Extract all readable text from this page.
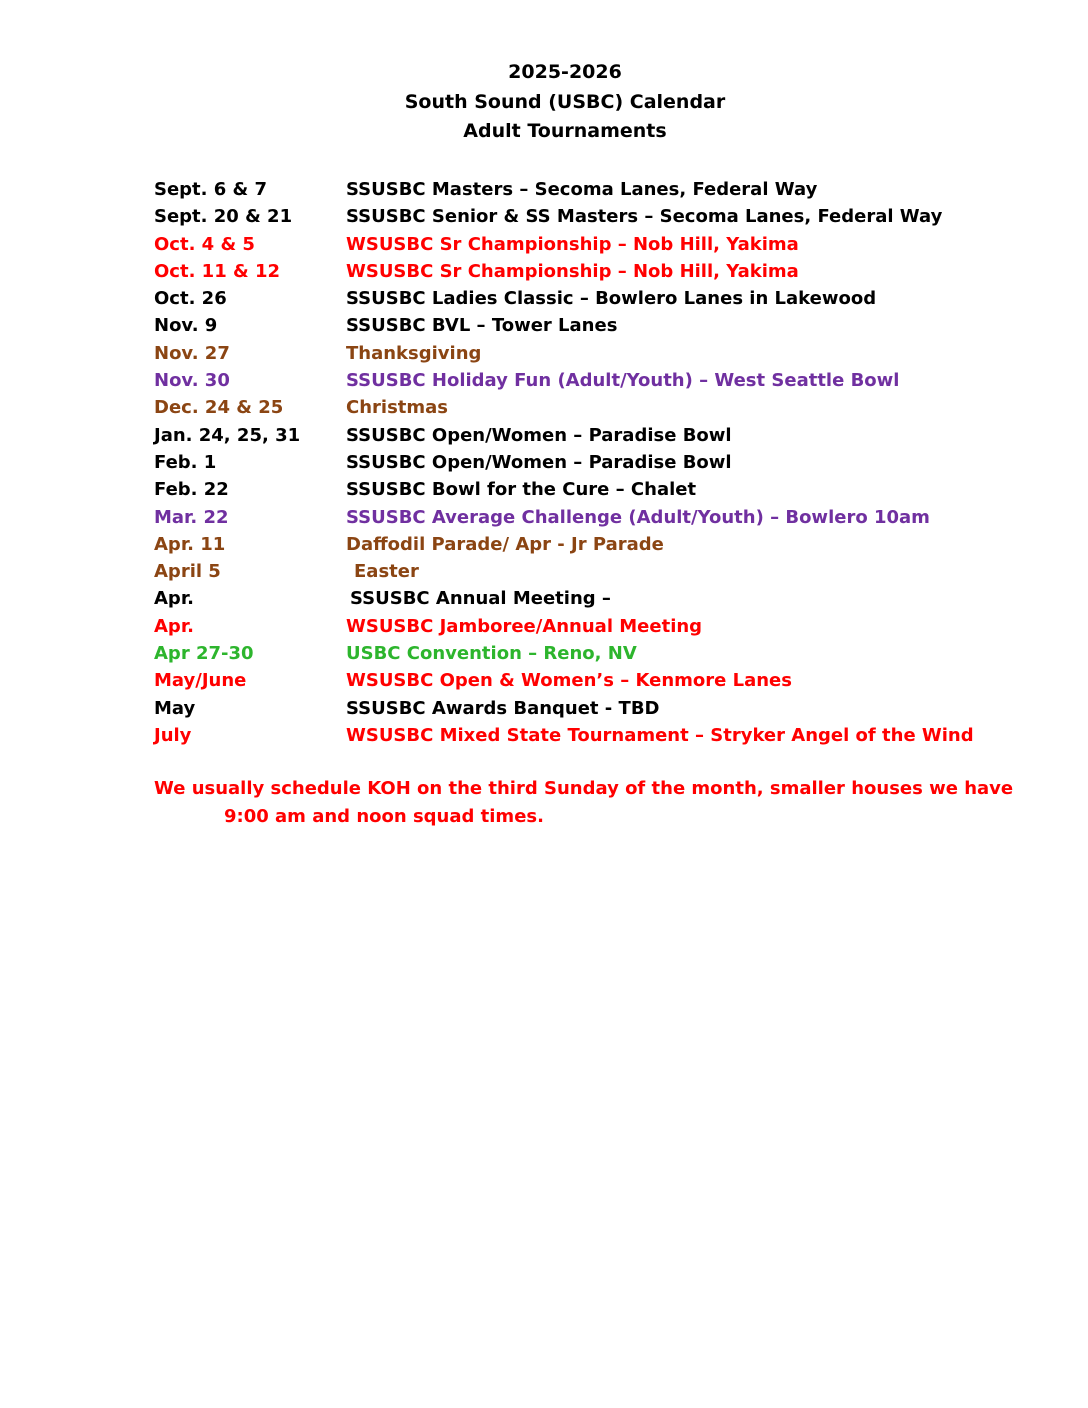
2025-2026
South Sound (USBC) Calendar
Adult Tournaments
Sept. 6 & 7	SSUSBC Masters – Secoma Lanes, Federal Way
Sept. 20 & 21	SSUSBC Senior & SS Masters – Secoma Lanes, Federal Way
Oct. 4 & 5	WSUSBC Sr Championship – Nob Hill, Yakima
Oct. 11 & 12	WSUSBC Sr Championship – Nob Hill, Yakima
Oct. 26	SSUSBC Ladies Classic – Bowlero Lanes in Lakewood
Nov. 9	SSUSBC BVL – Tower Lanes
Nov. 27	Thanksgiving
Nov. 30	SSUSBC Holiday Fun (Adult/Youth) – West Seattle Bowl
Dec. 24 & 25	Christmas
Jan. 24, 25, 31	SSUSBC Open/Women – Paradise Bowl
Feb. 1	SSUSBC Open/Women – Paradise Bowl
Feb. 22	SSUSBC Bowl for the Cure – Chalet
Mar. 22	SSUSBC Average Challenge (Adult/Youth) – Bowlero 10am
Apr. 11	Daffodil Parade/ Apr - Jr Parade
April 5	Easter
Apr.	SSUSBC Annual Meeting –
Apr.	WSUSBC Jamboree/Annual Meeting
Apr 27-30	USBC Convention – Reno, NV
May/June	WSUSBC Open & Women’s – Kenmore Lanes
May	SSUSBC Awards Banquet - TBD
July	WSUSBC Mixed State Tournament – Stryker Angel of the Wind
We usually schedule KOH on the third Sunday of the month, smaller houses we have
9:00 am and noon squad times.
